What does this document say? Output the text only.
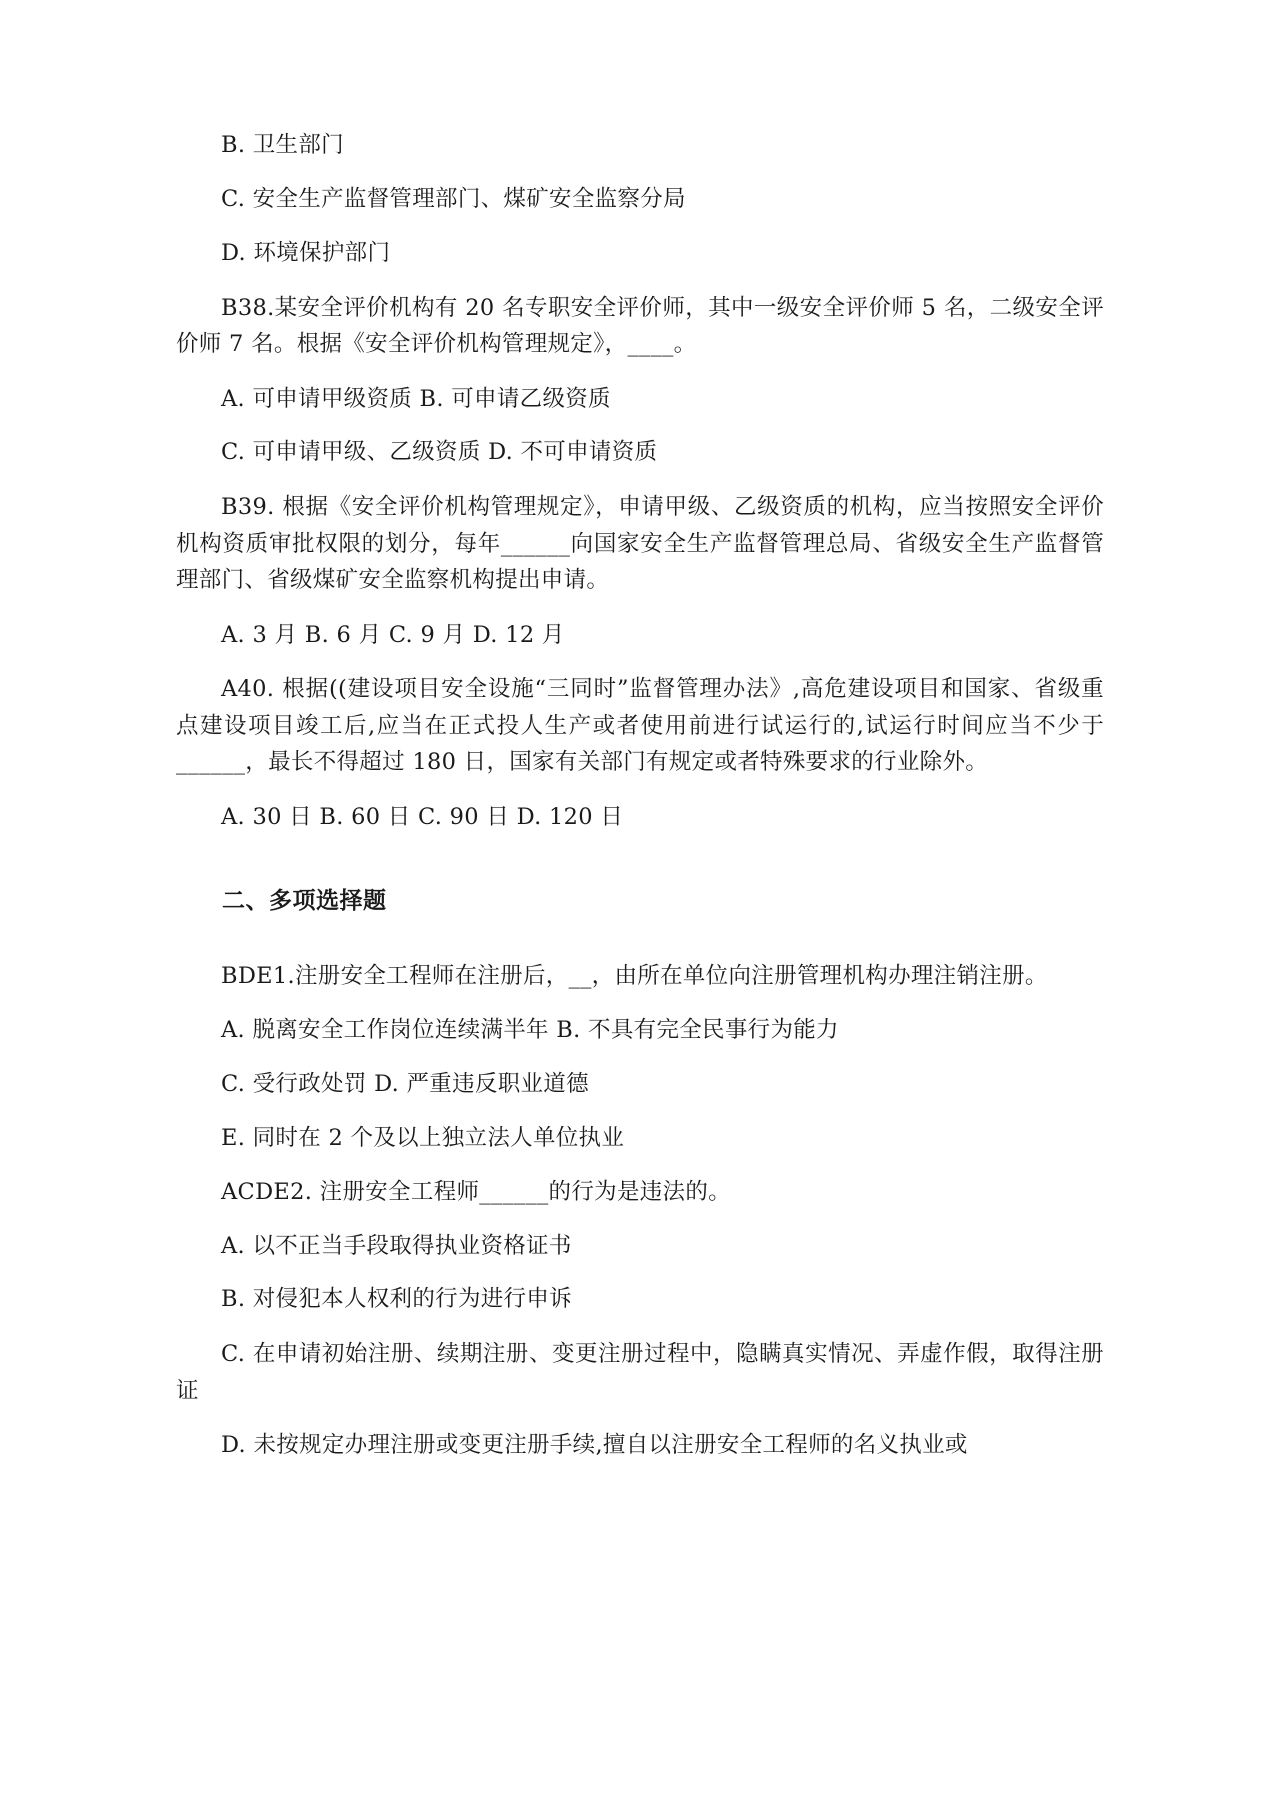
B. 卫生部门

C. 安全生产监督管理部门、煤矿安全监察分局

D. 环境保护部门

B38.某安全评价机构有 20 名专职安全评价师，其中一级安全评价师 5 名，二级安全评价师 7 名。根据《安全评价机构管理规定》，____。

A. 可申请甲级资质 B. 可申请乙级资质

C. 可申请甲级、乙级资质 D. 不可申请资质

B39. 根据《安全评价机构管理规定》，申请甲级、乙级资质的机构，应当按照安全评价机构资质审批权限的划分，每年______向国家安全生产监督管理总局、省级安全生产监督管理部门、省级煤矿安全监察机构提出申请。

A. 3 月 B. 6 月 C. 9 月 D. 12 月

A40. 根据((建设项目安全设施“三同时”监督管理办法》,高危建设项目和国家、省级重点建设项目竣工后,应当在正式投人生产或者使用前进行试运行的,试运行时间应当不少于______，最长不得超过 180 日，国家有关部门有规定或者特殊要求的行业除外。

A. 30 日 B. 60 日 C. 90 日 D. 120 日

二、多项选择题

BDE1.注册安全工程师在注册后，__，由所在单位向注册管理机构办理注销注册。

A. 脱离安全工作岗位连续满半年 B. 不具有完全民事行为能力

C. 受行政处罚 D. 严重违反职业道德

E. 同时在 2 个及以上独立法人单位执业

ACDE2. 注册安全工程师______的行为是违法的。

A. 以不正当手段取得执业资格证书

B. 对侵犯本人权利的行为进行申诉

C. 在申请初始注册、续期注册、变更注册过程中，隐瞒真实情况、弄虚作假，取得注册证

D. 未按规定办理注册或变更注册手续,擅自以注册安全工程师的名义执业或
